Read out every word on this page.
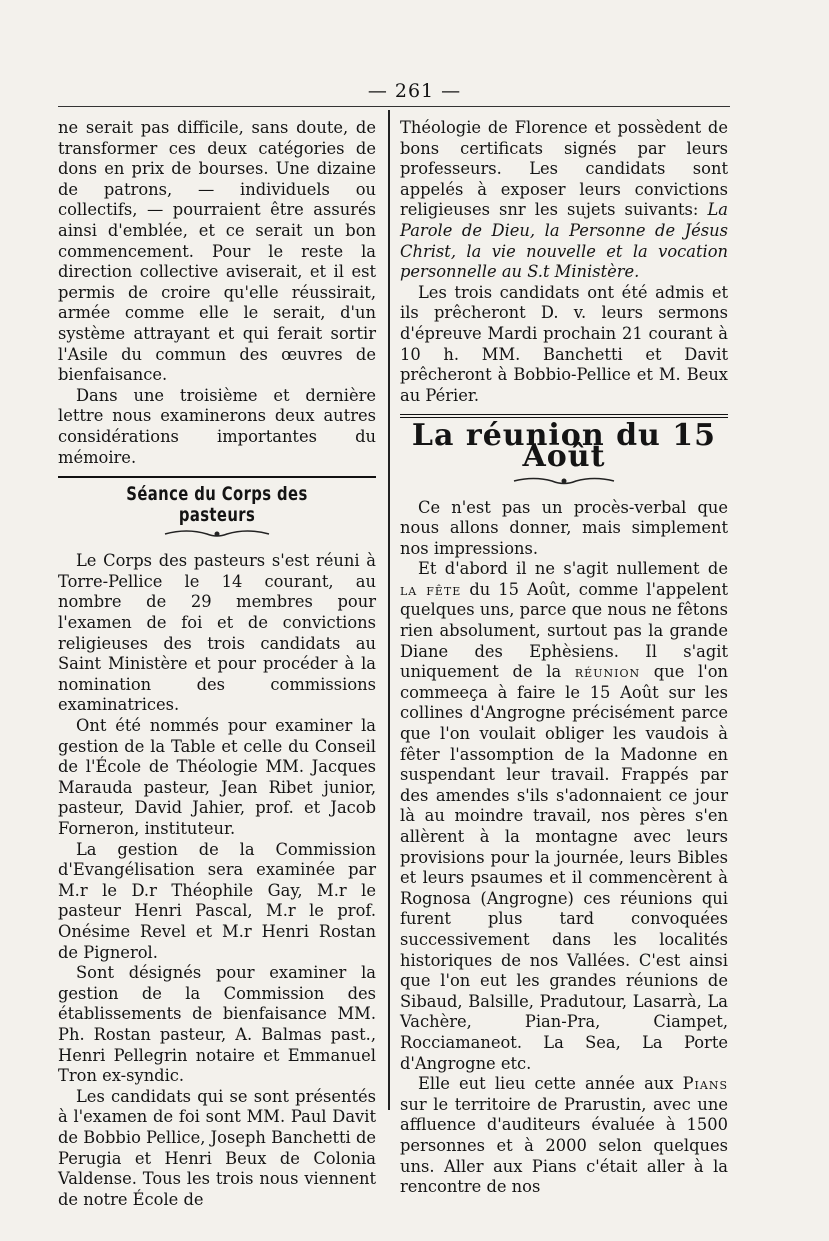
— 261 —

ne serait pas difficile, sans doute, de transformer ces deux catégories de dons en prix de bourses. Une dizaine de patrons, — individuels ou collectifs, — pourraient être assurés ainsi d'emblée, et ce serait un bon commencement. Pour le reste la direction collective aviserait, et il est permis de croire qu'elle réussirait, armée comme elle le serait, d'un système attrayant et qui ferait sortir l'Asile du commun des œuvres de bienfaisance.

Dans une troisième et dernière lettre nous examinerons deux autres considérations importantes du mémoire.

Séance du Corps des pasteurs

Le Corps des pasteurs s'est réuni à Torre-Pellice le 14 courant, au nombre de 29 membres pour l'examen de foi et de convictions religieuses des trois candidats au Saint Ministère et pour procéder à la nomination des commissions examinatrices.

Ont été nommés pour examiner la gestion de la Table et celle du Conseil de l'École de Théologie MM. Jacques Marauda pasteur, Jean Ribet junior, pasteur, David Jahier, prof. et Jacob Forneron, instituteur.

La gestion de la Commission d'Evangélisation sera examinée par M.r le D.r Théophile Gay, M.r le pasteur Henri Pascal, M.r le prof. Onésime Revel et M.r Henri Rostan de Pignerol.

Sont désignés pour examiner la gestion de la Commission des établissements de bienfaisance MM. Ph. Rostan pasteur, A. Balmas past., Henri Pellegrin notaire et Emmanuel Tron ex-syndic.

Les candidats qui se sont présentés à l'examen de foi sont MM. Paul Davit de Bobbio Pellice, Joseph Banchetti de Perugia et Henri Beux de Colonia Valdense. Tous les trois nous viennent de notre École de

Théologie de Florence et possèdent de bons certificats signés par leurs professeurs. Les candidats sont appelés à exposer leurs convictions religieuses snr les sujets suivants: La Parole de Dieu, la Personne de Jésus Christ, la vie nouvelle et la vocation personnelle au S.t Ministère.

Les trois candidats ont été admis et ils prêcheront D. v. leurs sermons d'épreuve Mardi prochain 21 courant à 10 h. MM. Banchetti et Davit prêcheront à Bobbio-Pellice et M. Beux au Périer.

La réunion du 15 Août

Ce n'est pas un procès-verbal que nous allons donner, mais simplement nos impressions.

Et d'abord il ne s'agit nullement de la fête du 15 Août, comme l'appelent quelques uns, parce que nous ne fêtons rien absolument, surtout pas la grande Diane des Ephèsiens. Il s'agit uniquement de la réunion que l'on commeeça à faire le 15 Août sur les collines d'Angrogne précisément parce que l'on voulait obliger les vaudois à fêter l'assomption de la Madonne en suspendant leur travail. Frappés par des amendes s'ils s'adonnaient ce jour là au moindre travail, nos pères s'en allèrent à la montagne avec leurs provisions pour la journée, leurs Bibles et leurs psaumes et il commencèrent à Rognosa (Angrogne) ces réunions qui furent plus tard convoquées successivement dans les localités historiques de nos Vallées. C'est ainsi que l'on eut les grandes réunions de Sibaud, Balsille, Pradutour, Lasarrà, La Vachère, Pian-Pra, Ciampet, Rocciamaneot. La Sea, La Porte d'Angrogne etc.

Elle eut lieu cette année aux Pians sur le territoire de Prarustin, avec une affluence d'auditeurs évaluée à 1500 personnes et à 2000 selon quelques uns. Aller aux Pians c'était aller à la rencontre de nos
